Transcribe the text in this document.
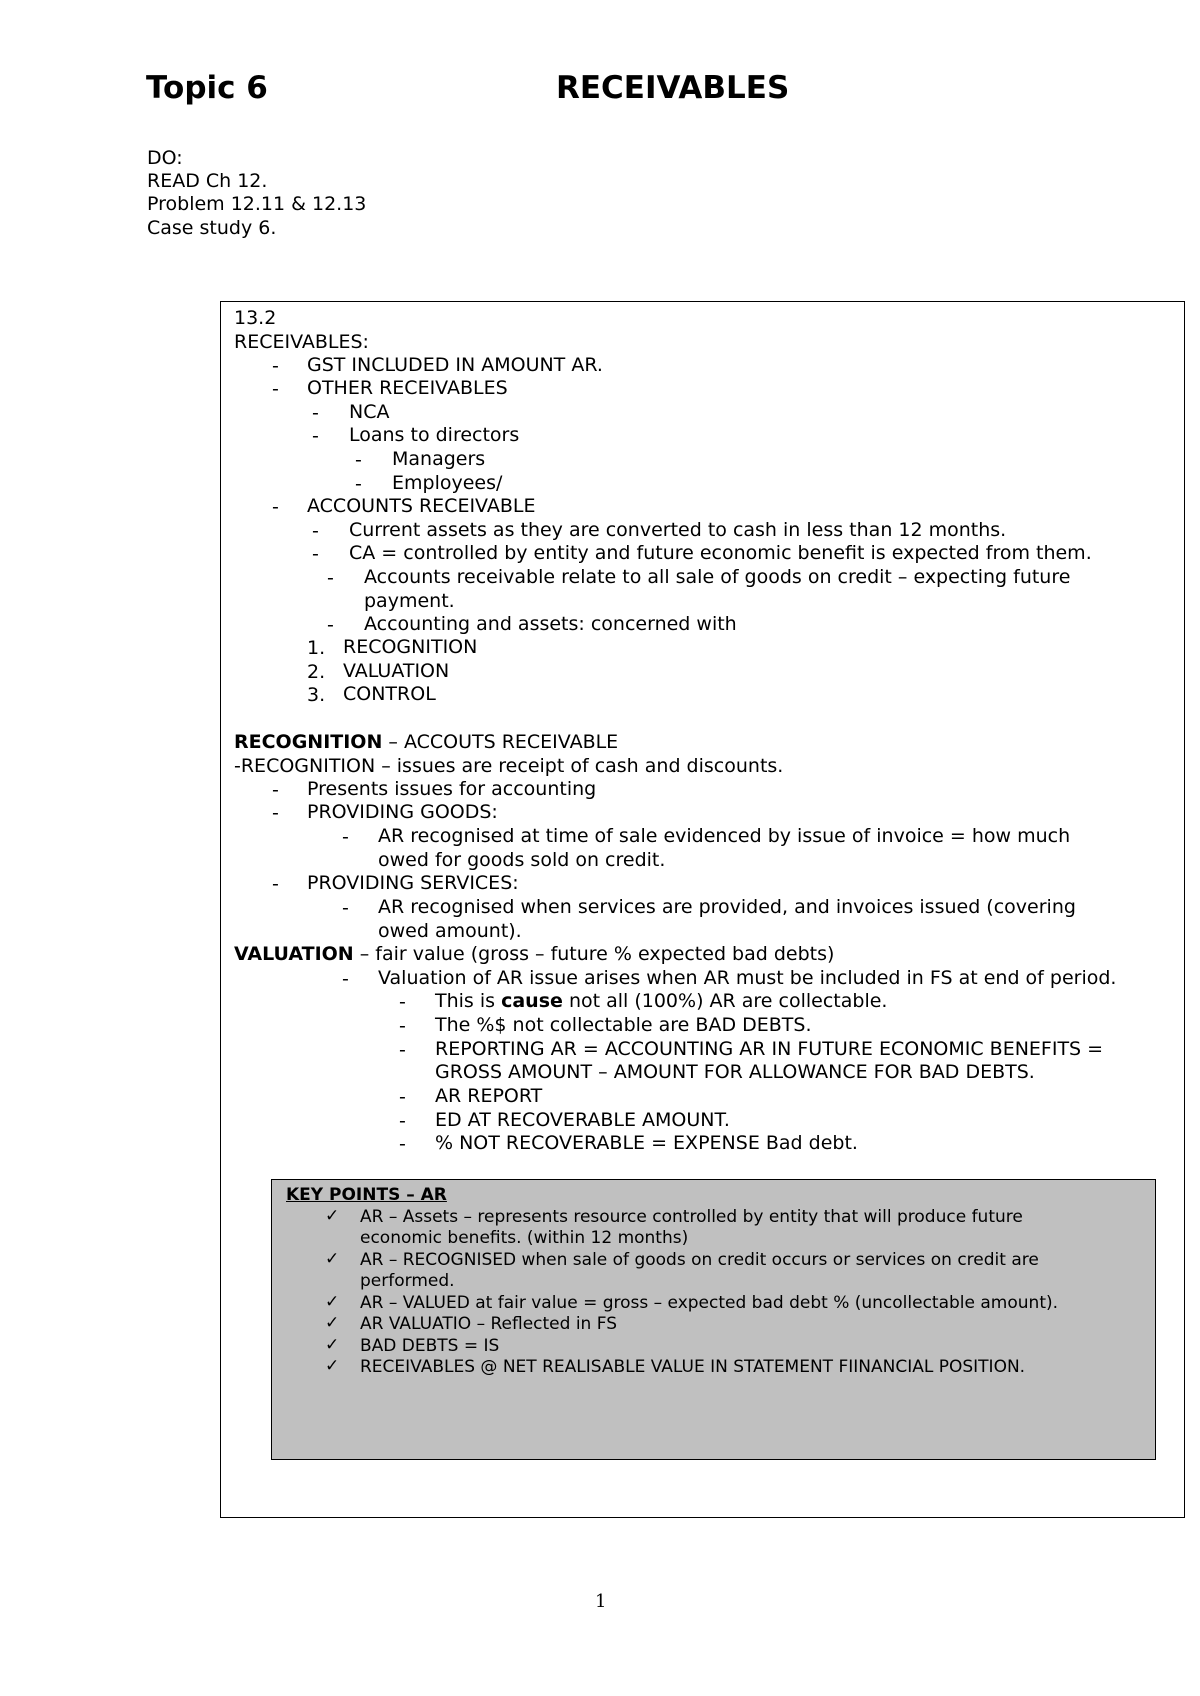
Topic 6	RECEIVABLES
DO:
READ Ch 12.
Problem 12.11 & 12.13
Case study 6.
13.2
RECEIVABLES:
- GST INCLUDED IN AMOUNT AR.
- OTHER RECEIVABLES
- NCA
- Loans to directors
- Managers
- Employees/
- ACCOUNTS RECEIVABLE
- Current assets as they are converted to cash in less than 12 months.
- CA = controlled by entity and future economic benefit is expected from them.
- Accounts receivable relate to all sale of goods on credit – expecting future
payment.
- Accounting and assets: concerned with
1. RECOGNITION
2. VALUATION
3. CONTROL
RECOGNITION – ACCOUTS RECEIVABLE
-RECOGNITION – issues are receipt of cash and discounts.
- Presents issues for accounting
- PROVIDING GOODS:
- AR recognised at time of sale evidenced by issue of invoice = how much
owed for goods sold on credit.
- PROVIDING SERVICES:
- AR recognised when services are provided, and invoices issued (covering
owed amount).
VALUATION – fair value (gross – future % expected bad debts)
- Valuation of AR issue arises when AR must be included in FS at end of period.
- This is cause not all (100%) AR are collectable.
- The %$ not collectable are BAD DEBTS.
- REPORTING AR = ACCOUNTING AR IN FUTURE ECONOMIC BENEFITS =
GROSS AMOUNT – AMOUNT FOR ALLOWANCE FOR BAD DEBTS.
- AR REPORT
- ED AT RECOVERABLE AMOUNT.
- % NOT RECOVERABLE = EXPENSE Bad debt.
KEY POINTS – AR
✓ AR – Assets – represents resource controlled by entity that will produce future
economic benefits. (within 12 months)
✓ AR – RECOGNISED when sale of goods on credit occurs or services on credit are
performed.
✓ AR – VALUED at fair value = gross – expected bad debt % (uncollectable amount).
✓ AR VALUATIO – Reflected in FS
✓ BAD DEBTS = IS
✓ RECEIVABLES @ NET REALISABLE VALUE IN STATEMENT FIINANCIAL POSITION.
1
